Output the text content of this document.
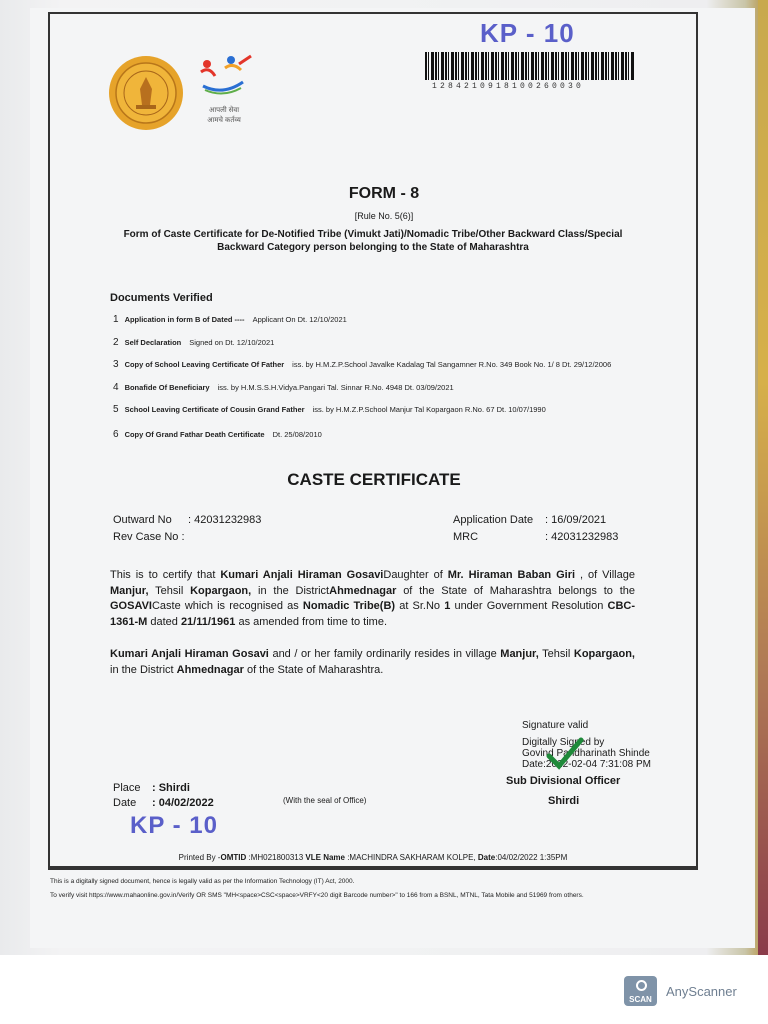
KP - 10
1284210918100260030
आपली सेवा
आमचे कर्तव्य
FORM - 8
[Rule No. 5(6)]
Form of Caste Certificate for De-Notified Tribe (Vimukt Jati)/Nomadic Tribe/Other Backward Class/Special Backward Category person belonging to the State of Maharashtra
Documents Verified
1 Application in form B of Dated ---- Applicant On Dt. 12/10/2021
2 Self Declaration Signed on Dt. 12/10/2021
3 Copy of School Leaving Certificate Of Father iss. by H.M.Z.P.School Javalke Kadalag Tal Sangamner R.No. 349 Book No. 1/ 8 Dt. 29/12/2006
4 Bonafide Of Beneficiary iss. by H.M.S.S.H.Vidya.Pangari Tal. Sinnar R.No. 4948 Dt. 03/09/2021
5 School Leaving Certificate of Cousin Grand Father iss. by H.M.Z.P.School Manjur Tal Kopargaon R.No. 67 Dt. 10/07/1990
6 Copy Of Grand Fathar Death Certificate Dt. 25/08/2010
CASTE CERTIFICATE
Outward No : 42031232983
Rev Case No :
Application Date : 16/09/2021
MRC	: 42031232983
This is to certify that Kumari Anjali Hiraman GosaviDaughter of Mr. Hiraman Baban Giri , of Village Manjur, Tehsil Kopargaon, in the DistrictAhmednagar of the State of Maharashtra belongs to the GOSAVICaste which is recognised as Nomadic Tribe(B) at Sr.No 1 under Government Resolution CBC-1361-M dated 21/11/1961 as amended from time to time.
Kumari Anjali Hiraman Gosavi and / or her family ordinarily resides in village Manjur, Tehsil Kopargaon, in the District Ahmednagar of the State of Maharashtra.
Signature valid
Digitally Signed by
Govind Pandharinath Shinde
Date:2022-02-04 7:31:08 PM
Sub Divisional Officer
Shirdi
Place : Shirdi
Date : 04/02/2022	(With the seal of Office)
KP - 10
Printed By -OMTID :MH021800313 VLE Name :MACHINDRA SAKHARAM KOLPE, Date:04/02/2022 1:35PM
This is a digitally signed document, hence is legally valid as per the Information Technology (IT) Act, 2000.
To verify visit https://www.mahaonline.gov.in/Verify OR SMS "MH<space>CSC<space>VRFY<20 digit Barcode number>" to 166 from a BSNL, MTNL, Tata Mobile and 51969 from others.
SCAN
AnyScanner
